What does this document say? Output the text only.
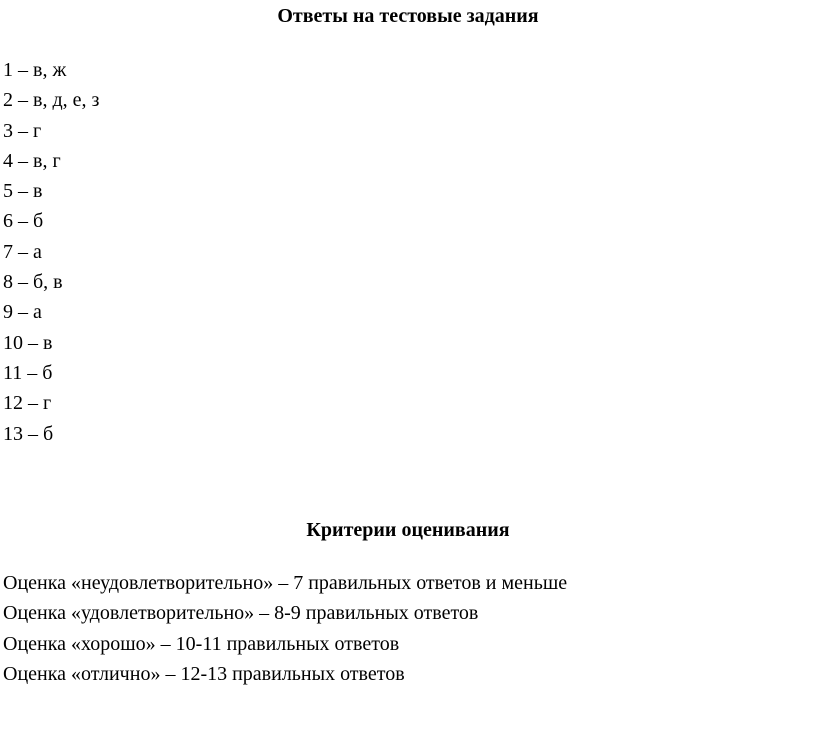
Ответы на тестовые задания
1 – в, ж
2 – в, д, е, з
3 – г
4 – в, г
5 – в
6 – б
7 – а
8 – б, в
9 – а
10 – в
11 – б
12 – г
13 – б
Критерии оценивания
Оценка «неудовлетворительно» – 7 правильных ответов и меньше
Оценка «удовлетворительно» – 8-9 правильных ответов
Оценка «хорошо» – 10-11 правильных ответов
Оценка «отлично» – 12-13 правильных ответов
